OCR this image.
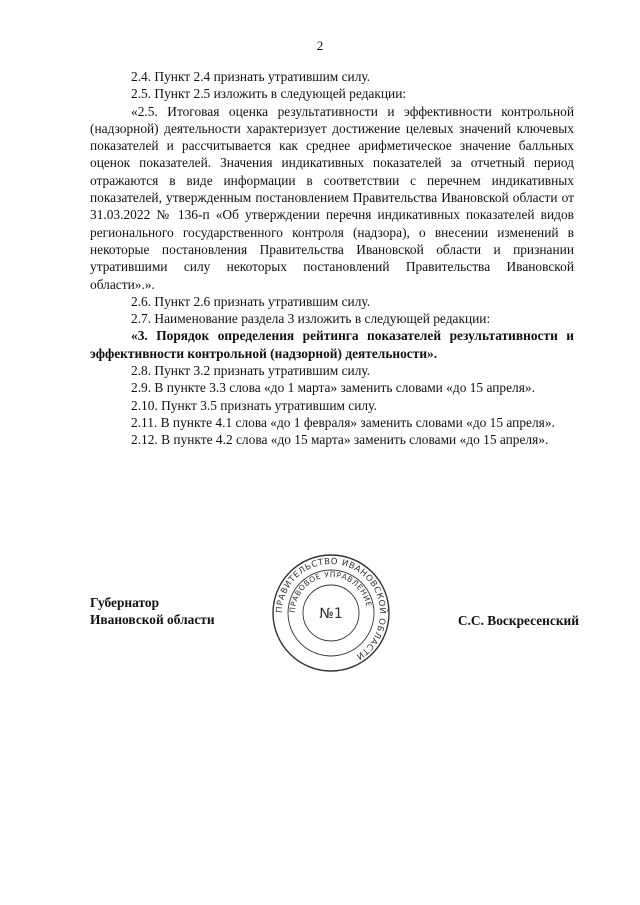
2

2.4. Пункт 2.4 признать утратившим силу.

2.5. Пункт 2.5 изложить в следующей редакции:

«2.5. Итоговая оценка результативности и эффективности контрольной (надзорной) деятельности характеризует достижение целевых значений ключевых показателей и рассчитывается как среднее арифметическое значение балльных оценок показателей. Значения индикативных показателей за отчетный период отражаются в виде информации в соответствии с перечнем индикативных показателей, утвержденным постановлением Правительства Ивановской области от 31.03.2022 № 136-п «Об утверждении перечня индикативных показателей видов регионального государственного контроля (надзора), о внесении изменений в некоторые постановления Правительства Ивановской области и признании утратившими силу некоторых постановлений Правительства Ивановской области».».

2.6. Пункт 2.6 признать утратившим силу.

2.7. Наименование раздела 3 изложить в следующей редакции:

«3. Порядок определения рейтинга показателей результативности и эффективности контрольной (надзорной) деятельности».

2.8. Пункт 3.2 признать утратившим силу.

2.9. В пункте 3.3 слова «до 1 марта» заменить словами «до 15 апреля».

2.10. Пункт 3.5 признать утратившим силу.

2.11. В пункте 4.1 слова «до 1 февраля» заменить словами «до 15 апреля».

2.12. В пункте 4.2 слова «до 15 марта» заменить словами «до 15 апреля».

Губернатор
Ивановской области
ПРАВИТЕЛЬСТВО ИВАНОВСКОЙ ОБЛАСТИ
ПРАВОВОЕ УПРАВЛЕНИЕ
№1	С.С. Воскресенский
